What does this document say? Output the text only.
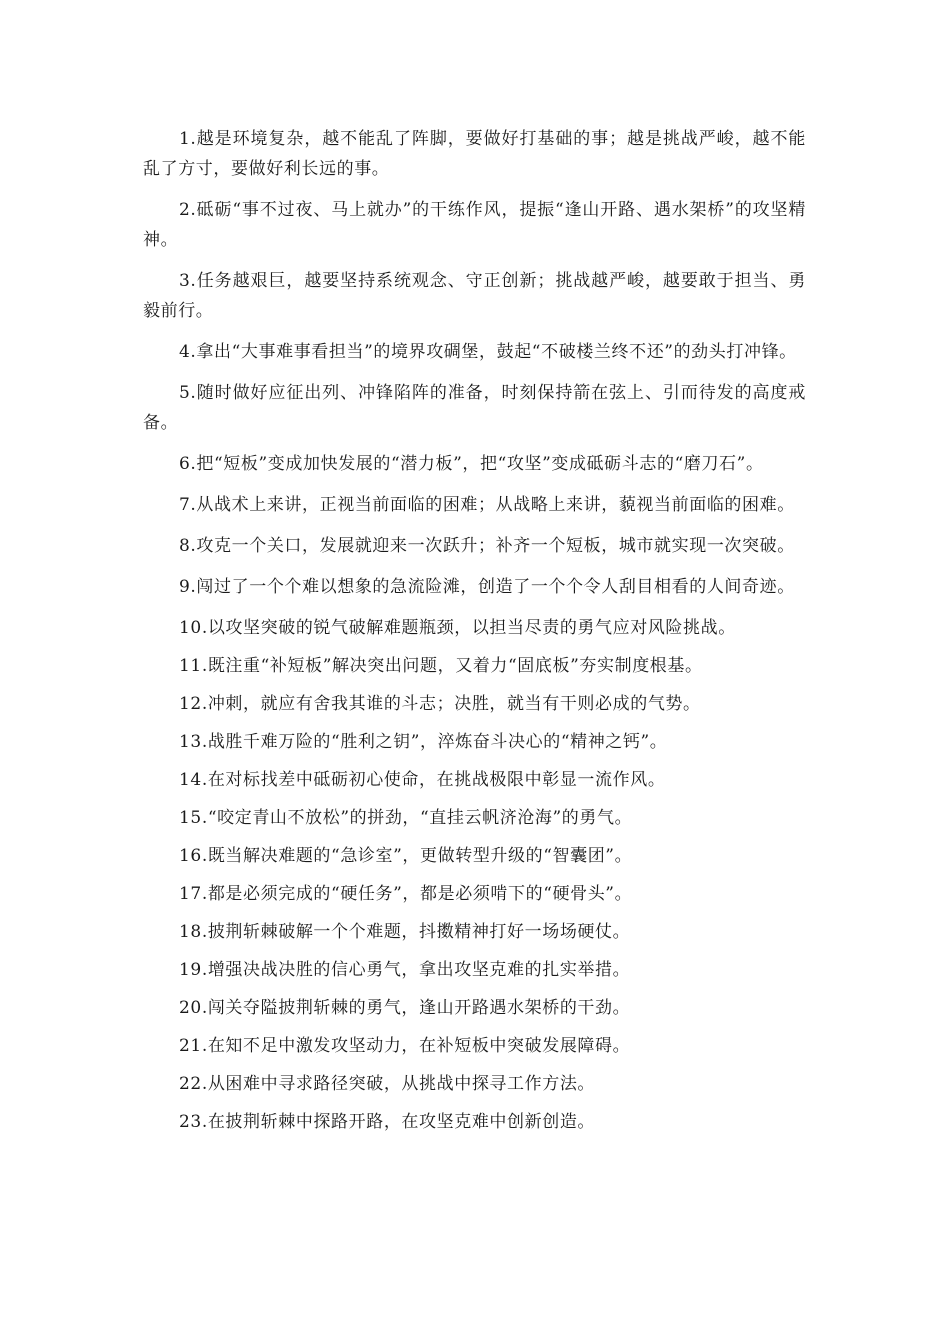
1.越是环境复杂，越不能乱了阵脚，要做好打基础的事；越是挑战严峻，越不能乱了方寸，要做好利长远的事。

2.砥砺“事不过夜、马上就办”的干练作风，提振“逢山开路、遇水架桥”的攻坚精神。

3.任务越艰巨，越要坚持系统观念、守正创新；挑战越严峻，越要敢于担当、勇毅前行。

4.拿出“大事难事看担当”的境界攻碉堡，鼓起“不破楼兰终不还”的劲头打冲锋。

5.随时做好应征出列、冲锋陷阵的准备，时刻保持箭在弦上、引而待发的高度戒备。

6.把“短板”变成加快发展的“潜力板”，把“攻坚”变成砥砺斗志的“磨刀石”。

7.从战术上来讲，正视当前面临的困难；从战略上来讲，藐视当前面临的困难。

8.攻克一个关口，发展就迎来一次跃升；补齐一个短板，城市就实现一次突破。

9.闯过了一个个难以想象的急流险滩，创造了一个个令人刮目相看的人间奇迹。

10.以攻坚突破的锐气破解难题瓶颈，以担当尽责的勇气应对风险挑战。

11.既注重“补短板”解决突出问题，又着力“固底板”夯实制度根基。

12.冲刺，就应有舍我其谁的斗志；决胜，就当有干则必成的气势。

13.战胜千难万险的“胜利之钥”，淬炼奋斗决心的“精神之钙”。

14.在对标找差中砥砺初心使命，在挑战极限中彰显一流作风。

15.“咬定青山不放松”的拼劲，“直挂云帆济沧海”的勇气。

16.既当解决难题的“急诊室”，更做转型升级的“智囊团”。

17.都是必须完成的“硬任务”，都是必须啃下的“硬骨头”。

18.披荆斩棘破解一个个难题，抖擞精神打好一场场硬仗。

19.增强决战决胜的信心勇气，拿出攻坚克难的扎实举措。

20.闯关夺隘披荆斩棘的勇气，逢山开路遇水架桥的干劲。

21.在知不足中激发攻坚动力，在补短板中突破发展障碍。

22.从困难中寻求路径突破，从挑战中探寻工作方法。

23.在披荆斩棘中探路开路，在攻坚克难中创新创造。
